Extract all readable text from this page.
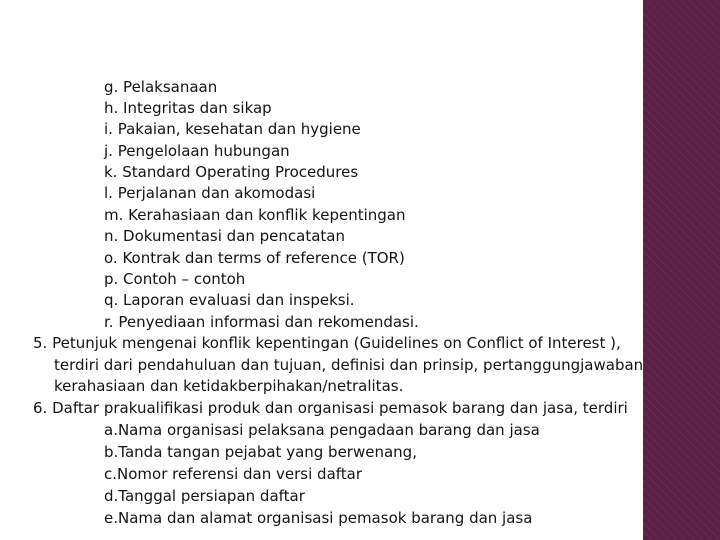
g. Pelaksanaan
h. Integritas dan sikap
i. Pakaian, kesehatan dan hygiene
j. Pengelolaan hubungan
k. Standard Operating Procedures
l. Perjalanan dan akomodasi
m. Kerahasiaan dan konflik kepentingan
n. Dokumentasi dan pencatatan
o. Kontrak dan terms of reference (TOR)
p. Contoh – contoh
q. Laporan evaluasi dan inspeksi.
r. Penyediaan informasi dan rekomendasi.
5. Petunjuk mengenai konflik kepentingan (Guidelines on Conflict of Interest ),
terdiri dari pendahuluan dan tujuan, definisi dan prinsip, pertanggungjawaban
kerahasiaan dan ketidakberpihakan/netralitas.
6. Daftar prakualifikasi produk dan organisasi pemasok barang dan jasa, terdiri
a.Nama organisasi pelaksana pengadaan barang dan jasa
b.Tanda tangan pejabat yang berwenang,
c.Nomor referensi dan versi daftar
d.Tanggal persiapan daftar
e.Nama dan alamat organisasi pemasok barang dan jasa
